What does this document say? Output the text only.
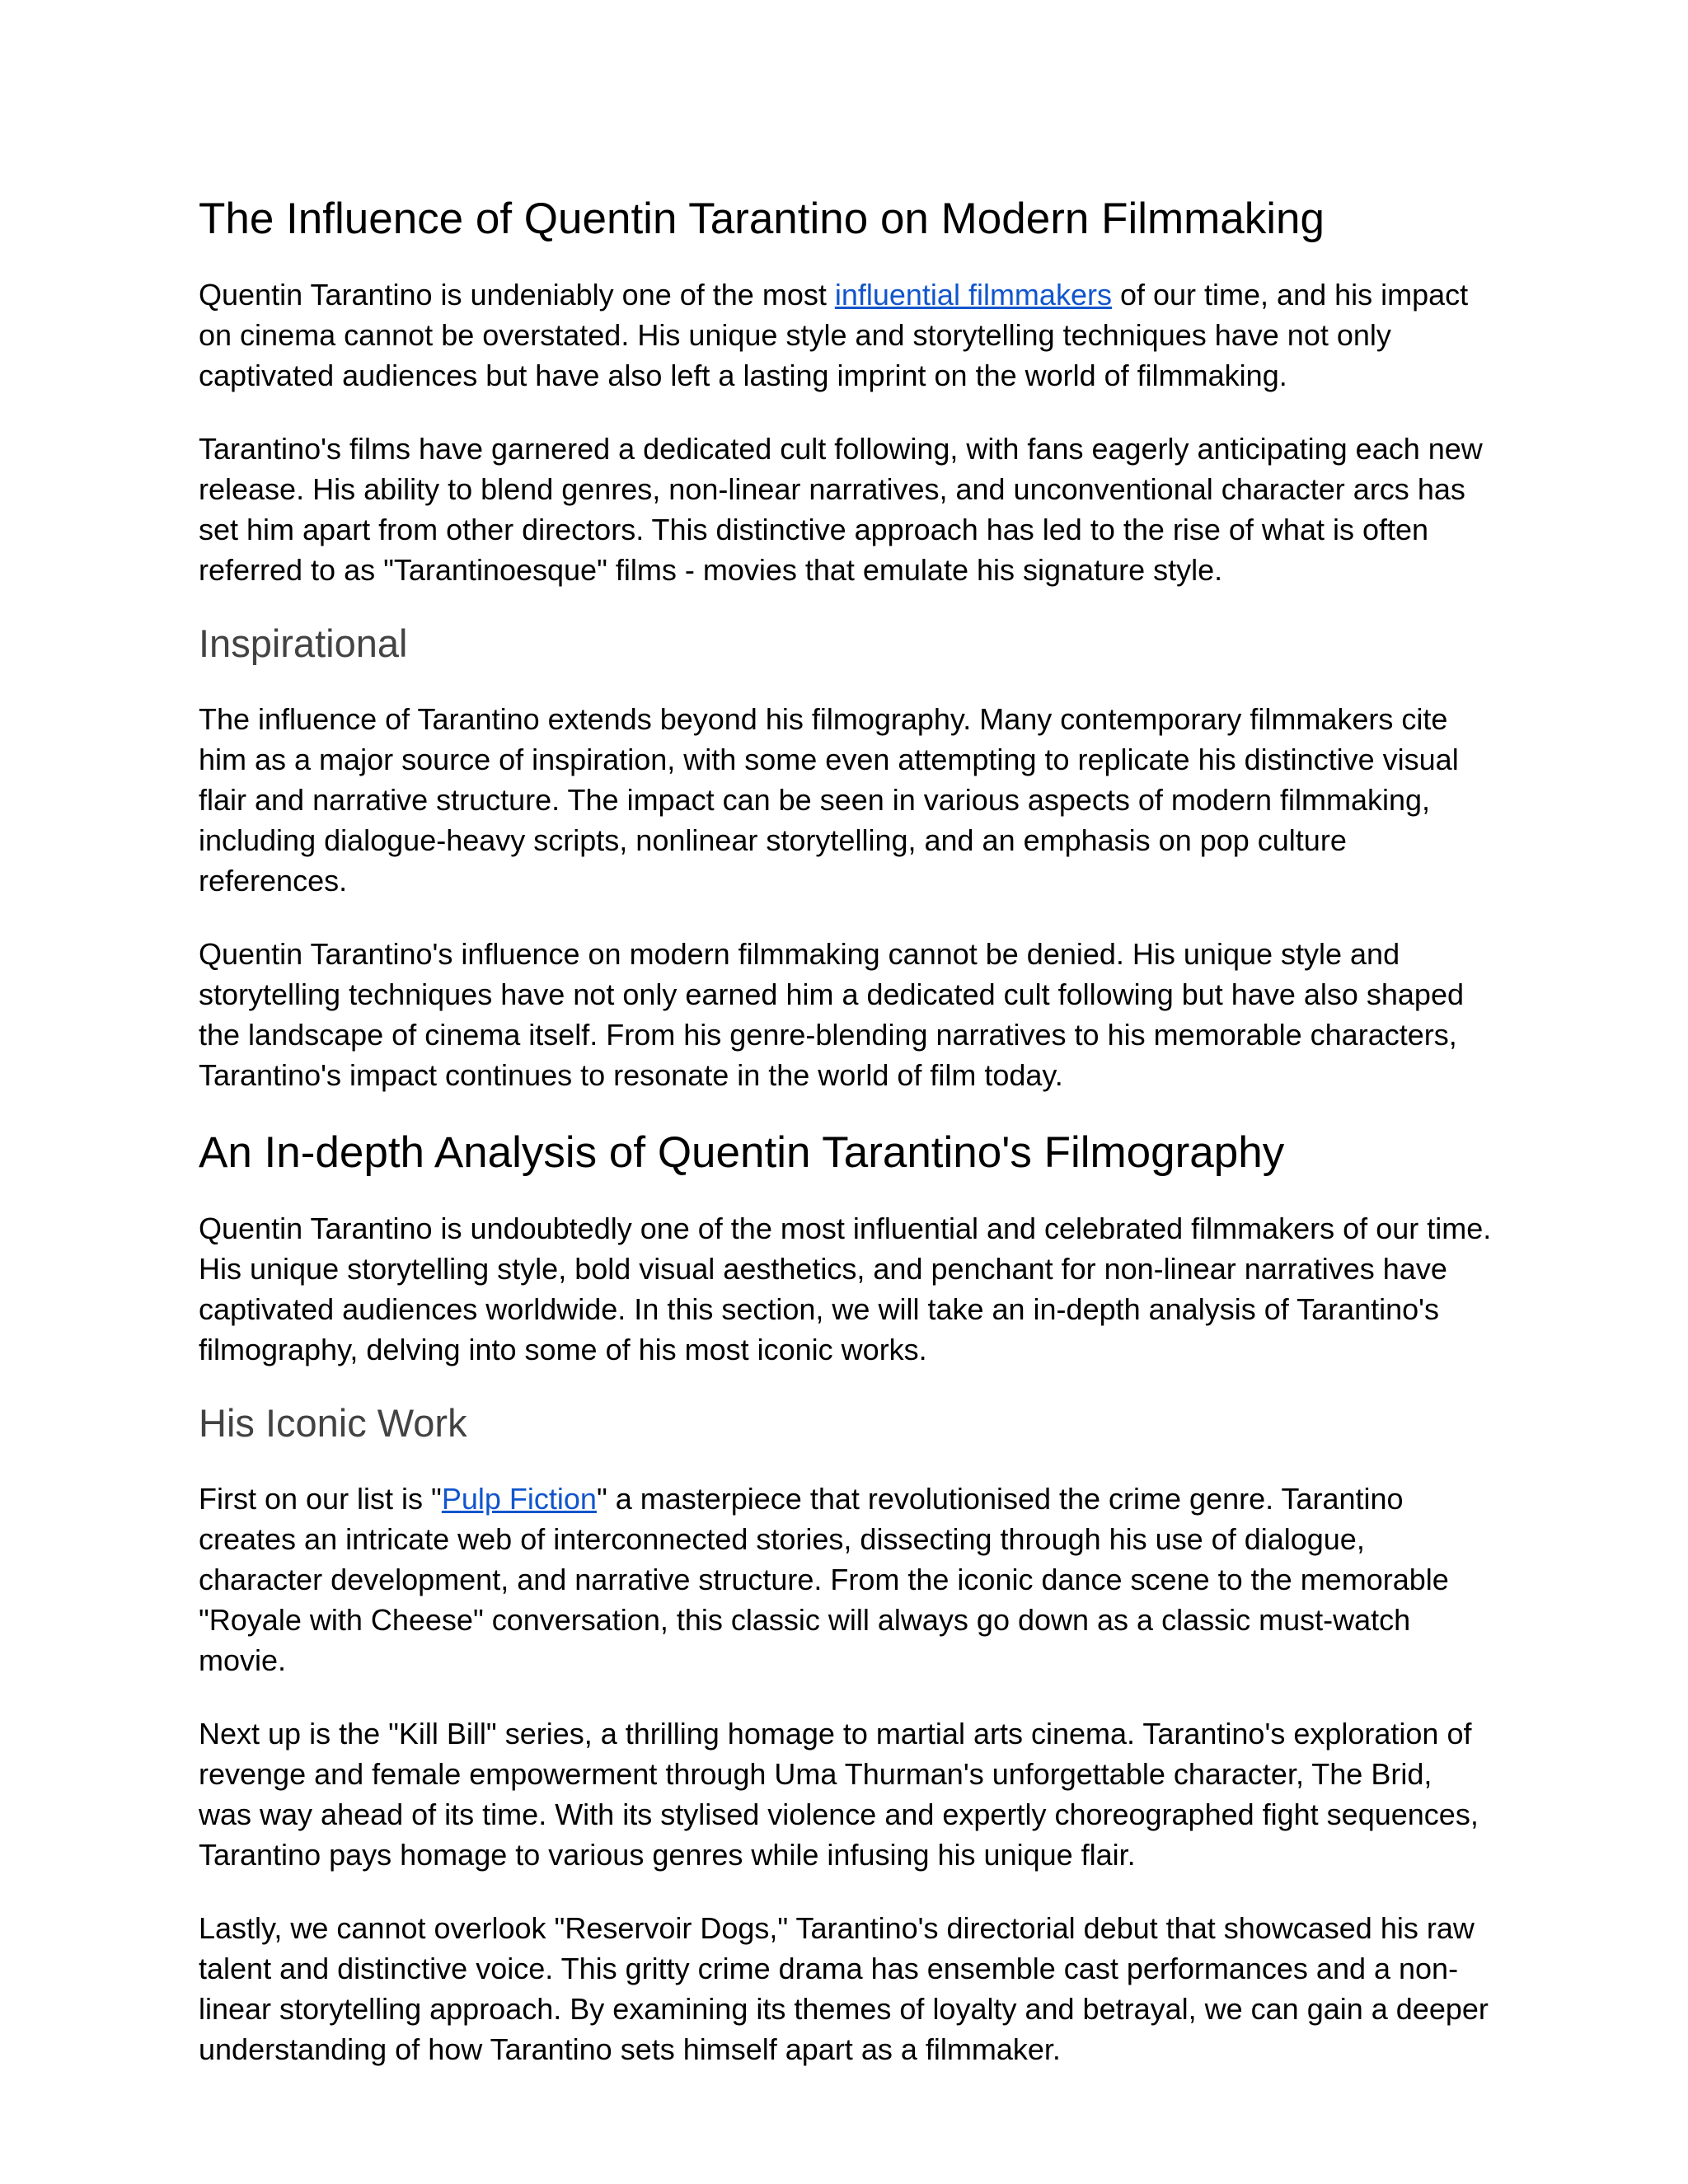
The Influence of Quentin Tarantino on Modern Filmmaking

Quentin Tarantino is undeniably one of the most influential filmmakers of our time, and his impact on cinema cannot be overstated. His unique style and storytelling techniques have not only captivated audiences but have also left a lasting imprint on the world of filmmaking.

Tarantino's films have garnered a dedicated cult following, with fans eagerly anticipating each new release. His ability to blend genres, non-linear narratives, and unconventional character arcs has set him apart from other directors. This distinctive approach has led to the rise of what is often referred to as "Tarantinoesque" films - movies that emulate his signature style.

Inspirational

The influence of Tarantino extends beyond his filmography. Many contemporary filmmakers cite him as a major source of inspiration, with some even attempting to replicate his distinctive visual flair and narrative structure. The impact can be seen in various aspects of modern filmmaking, including dialogue-heavy scripts, nonlinear storytelling, and an emphasis on pop culture references.

Quentin Tarantino's influence on modern filmmaking cannot be denied. His unique style and storytelling techniques have not only earned him a dedicated cult following but have also shaped the landscape of cinema itself. From his genre-blending narratives to his memorable characters, Tarantino's impact continues to resonate in the world of film today.

An In-depth Analysis of Quentin Tarantino's Filmography

Quentin Tarantino is undoubtedly one of the most influential and celebrated filmmakers of our time. His unique storytelling style, bold visual aesthetics, and penchant for non-linear narratives have captivated audiences worldwide. In this section, we will take an in-depth analysis of Tarantino's filmography, delving into some of his most iconic works.

His Iconic Work

First on our list is "Pulp Fiction" a masterpiece that revolutionised the crime genre. Tarantino creates an intricate web of interconnected stories, dissecting through his use of dialogue, character development, and narrative structure. From the iconic dance scene to the memorable "Royale with Cheese" conversation, this classic will always go down as a classic must-watch movie.

Next up is the "Kill Bill" series, a thrilling homage to martial arts cinema. Tarantino's exploration of revenge and female empowerment through Uma Thurman's unforgettable character, The Brid, was way ahead of its time. With its stylised violence and expertly choreographed fight sequences, Tarantino pays homage to various genres while infusing his unique flair.

Lastly, we cannot overlook "Reservoir Dogs," Tarantino's directorial debut that showcased his raw talent and distinctive voice. This gritty crime drama has ensemble cast performances and a non-linear storytelling approach. By examining its themes of loyalty and betrayal, we can gain a deeper understanding of how Tarantino sets himself apart as a filmmaker.
